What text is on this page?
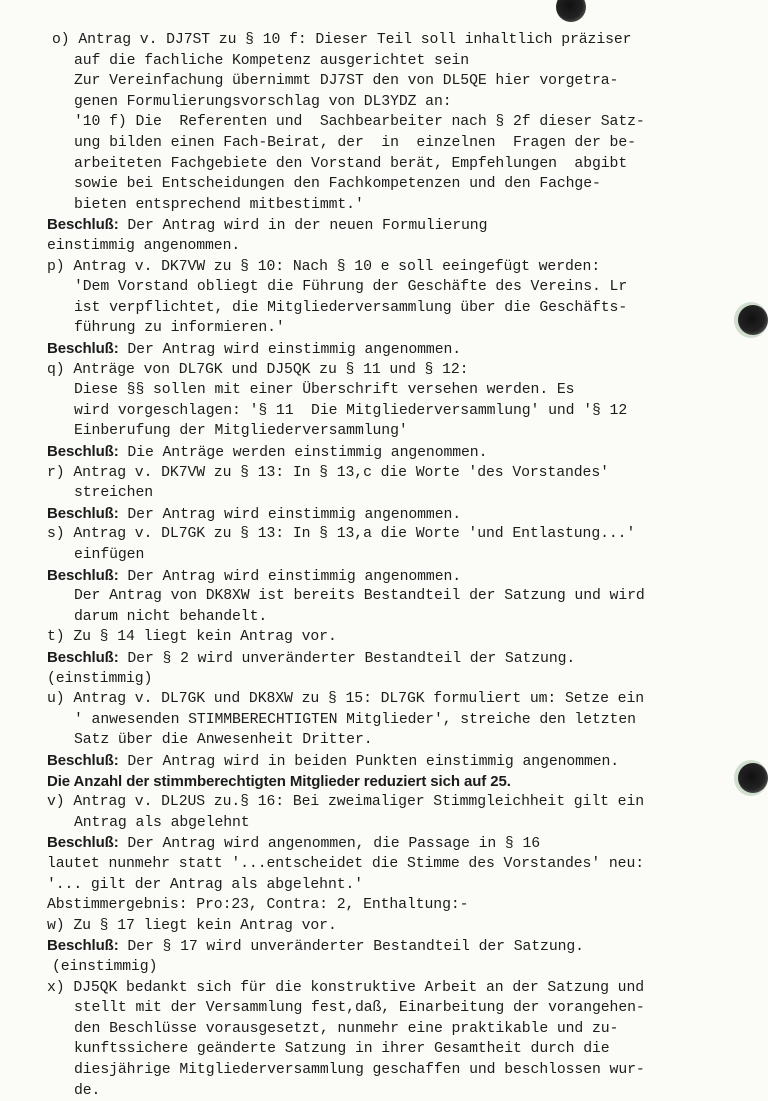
o) Antrag v. DJ7ST zu § 10 f: Dieser Teil soll inhaltlich präziser
auf die fachliche Kompetenz ausgerichtet sein
Zur Vereinfachung übernimmt DJ7ST den von DL5QE hier vorgetra-
genen Formulierungsvorschlag von DL3YDZ an:
'10 f) Die  Referenten und  Sachbearbeiter nach § 2f dieser Satz-
ung bilden einen Fach-Beirat, der  in  einzelnen  Fragen der be-
arbeiteten Fachgebiete den Vorstand berät, Empfehlungen  abgibt
sowie bei Entscheidungen den Fachkompetenzen und den Fachge-
bieten entsprechend mitbestimmt.'
Beschluß: Der Antrag wird in der neuen Formulierung
einstimmig angenommen.
p) Antrag v. DK7VW zu § 10: Nach § 10 e soll eeingefügt werden:
'Dem Vorstand obliegt die Führung der Geschäfte des Vereins. Lr
ist verpflichtet, die Mitgliederversammlung über die Geschäfts-
führung zu informieren.'
Beschluß: Der Antrag wird einstimmig angenommen.
q) Anträge von DL7GK und DJ5QK zu § 11 und § 12:
Diese §§ sollen mit einer Überschrift versehen werden. Es
wird vorgeschlagen: '§ 11  Die Mitgliederversammlung' und '§ 12
Einberufung der Mitgliederversammlung'
Beschluß: Die Anträge werden einstimmig angenommen.
r) Antrag v. DK7VW zu § 13: In § 13,c die Worte 'des Vorstandes'
streichen
Beschluß: Der Antrag wird einstimmig angenommen.
s) Antrag v. DL7GK zu § 13: In § 13,a die Worte 'und Entlastung...'
einfügen
Beschluß: Der Antrag wird einstimmig angenommen.
Der Antrag von DK8XW ist bereits Bestandteil der Satzung und wird
darum nicht behandelt.
t) Zu § 14 liegt kein Antrag vor.
Beschluß: Der § 2 wird unveränderter Bestandteil der Satzung.
(einstimmig)
u) Antrag v. DL7GK und DK8XW zu § 15: DL7GK formuliert um: Setze ein
' anwesenden STIMMBERECHTIGTEN Mitglieder', streiche den letzten
Satz über die Anwesenheit Dritter.
Beschluß: Der Antrag wird in beiden Punkten einstimmig angenommen.
Die Anzahl der stimmberechtigten Mitglieder reduziert sich auf 25.
v) Antrag v. DL2US zu.§ 16: Bei zweimaliger Stimmgleichheit gilt ein
Antrag als abgelehnt
Beschluß: Der Antrag wird angenommen, die Passage in § 16
lautet nunmehr statt '...entscheidet die Stimme des Vorstandes' neu:
'... gilt der Antrag als abgelehnt.'
Abstimmergebnis: Pro:23, Contra: 2, Enthaltung:-
w) Zu § 17 liegt kein Antrag vor.
Beschluß: Der § 17 wird unveränderter Bestandteil der Satzung.
(einstimmig)
x) DJ5QK bedankt sich für die konstruktive Arbeit an der Satzung und
stellt mit der Versammlung fest,daß, Einarbeitung der vorangehen-
den Beschlüsse vorausgesetzt, nunmehr eine praktikable und zu-
kunftssichere geänderte Satzung in ihrer Gesamtheit durch die
diesjährige Mitgliederversammlung geschaffen und beschlossen wur-
de.
